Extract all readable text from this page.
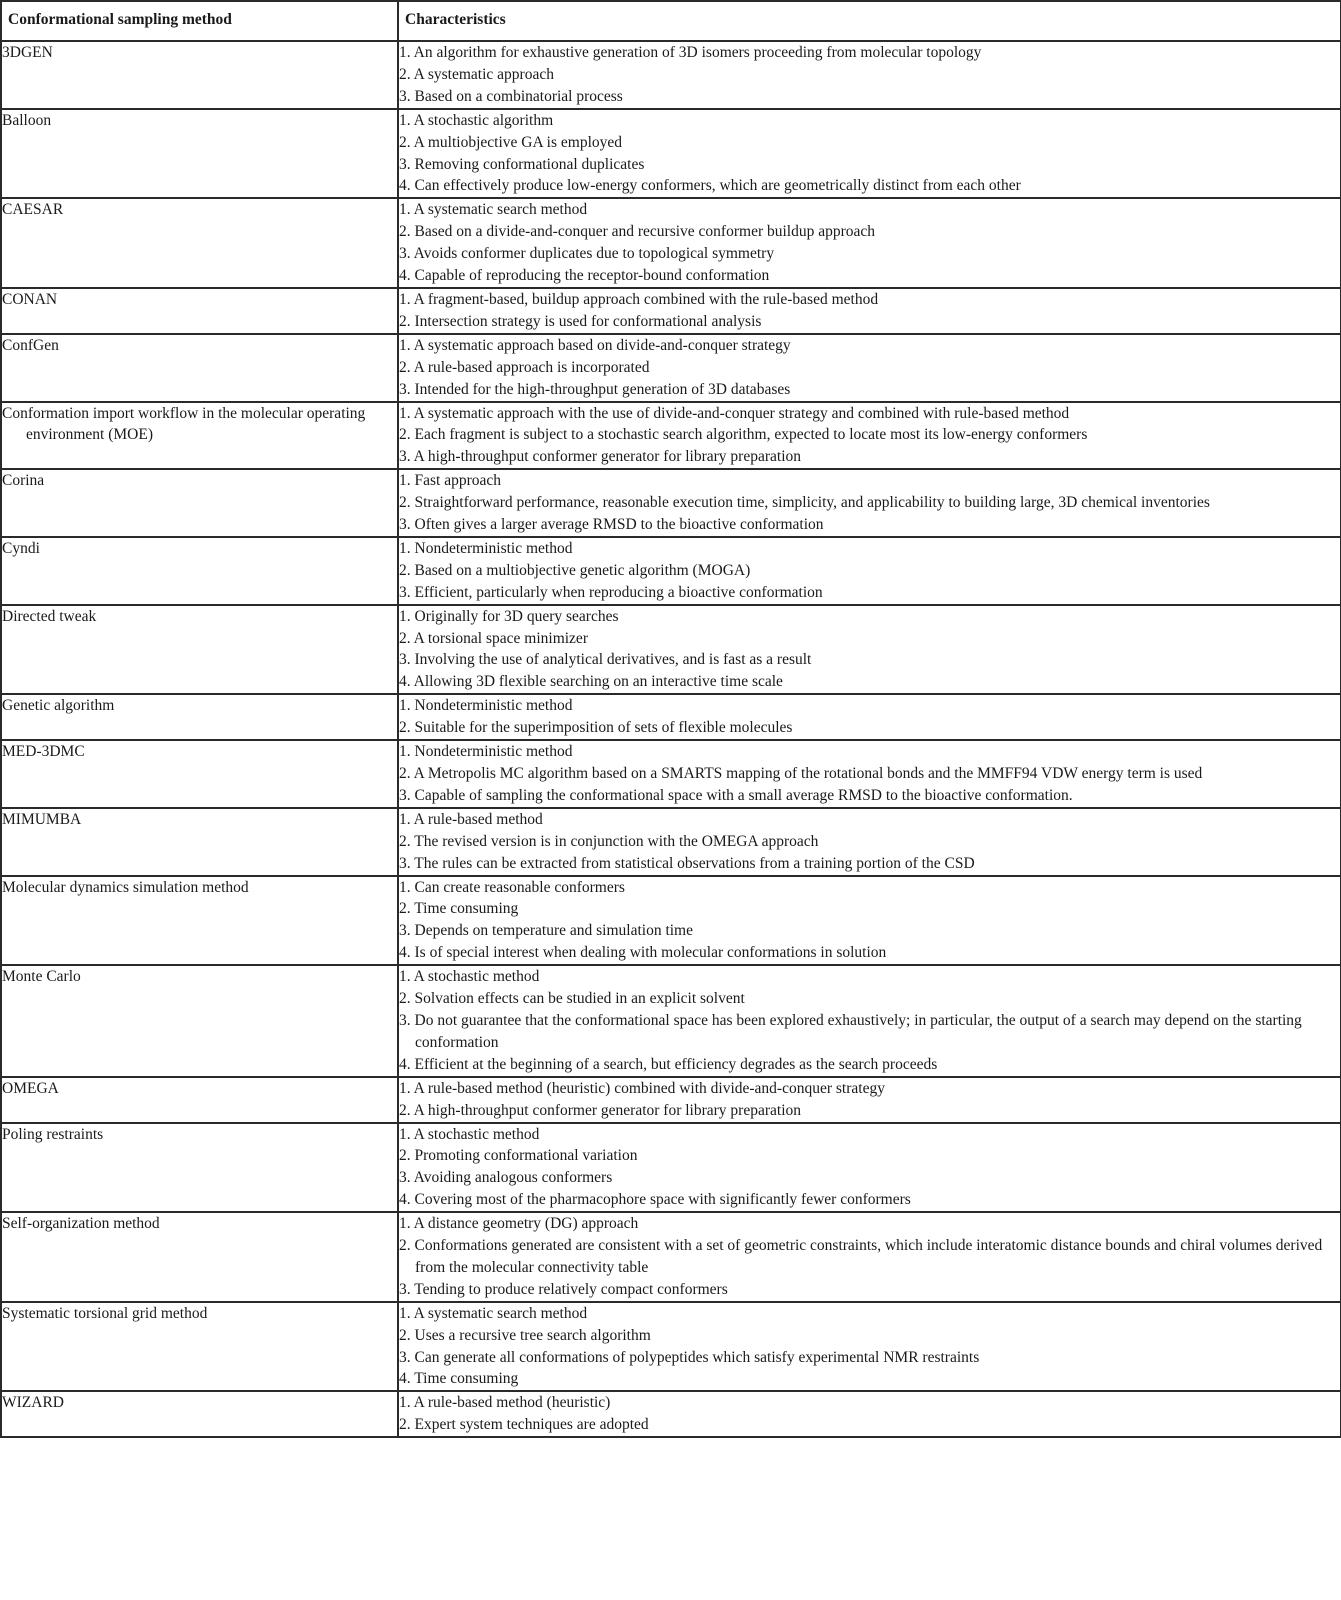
Conformational sampling method	Characteristics

3DGEN	1. An algorithm for exhaustive generation of 3D isomers proceeding from molecular topology
2. A systematic approach
3. Based on a combinatorial process

Balloon	1. A stochastic algorithm
2. A multiobjective GA is employed
3. Removing conformational duplicates
4. Can effectively produce low-energy conformers, which are geometrically distinct from each other

CAESAR	1. A systematic search method
2. Based on a divide-and-conquer and recursive conformer buildup approach
3. Avoids conformer duplicates due to topological symmetry
4. Capable of reproducing the receptor-bound conformation

CONAN	1. A fragment-based, buildup approach combined with the rule-based method
2. Intersection strategy is used for conformational analysis

ConfGen	1. A systematic approach based on divide-and-conquer strategy
2. A rule-based approach is incorporated
3. Intended for the high-throughput generation of 3D databases

Conformation import workflow in the molecular operating environment (MOE)	1. A systematic approach with the use of divide-and-conquer strategy and combined with rule-based method
2. Each fragment is subject to a stochastic search algorithm, expected to locate most its low-energy conformers
3. A high-throughput conformer generator for library preparation

Corina	1. Fast approach
2. Straightforward performance, reasonable execution time, simplicity, and applicability to building large, 3D chemical inventories
3. Often gives a larger average RMSD to the bioactive conformation

Cyndi	1. Nondeterministic method
2. Based on a multiobjective genetic algorithm (MOGA)
3. Efficient, particularly when reproducing a bioactive conformation

Directed tweak	1. Originally for 3D query searches
2. A torsional space minimizer
3. Involving the use of analytical derivatives, and is fast as a result
4. Allowing 3D flexible searching on an interactive time scale

Genetic algorithm	1. Nondeterministic method
2. Suitable for the superimposition of sets of flexible molecules

MED-3DMC	1. Nondeterministic method
2. A Metropolis MC algorithm based on a SMARTS mapping of the rotational bonds and the MMFF94 VDW energy term is used
3. Capable of sampling the conformational space with a small average RMSD to the bioactive conformation.

MIMUMBA	1. A rule-based method
2. The revised version is in conjunction with the OMEGA approach
3. The rules can be extracted from statistical observations from a training portion of the CSD

Molecular dynamics simulation method	1. Can create reasonable conformers
2. Time consuming
3. Depends on temperature and simulation time
4. Is of special interest when dealing with molecular conformations in solution

Monte Carlo	1. A stochastic method
2. Solvation effects can be studied in an explicit solvent
3. Do not guarantee that the conformational space has been explored exhaustively; in particular, the output of a search may depend on the starting conformation
4. Efficient at the beginning of a search, but efficiency degrades as the search proceeds

OMEGA	1. A rule-based method (heuristic) combined with divide-and-conquer strategy
2. A high-throughput conformer generator for library preparation

Poling restraints	1. A stochastic method
2. Promoting conformational variation
3. Avoiding analogous conformers
4. Covering most of the pharmacophore space with significantly fewer conformers

Self-organization method	1. A distance geometry (DG) approach
2. Conformations generated are consistent with a set of geometric constraints, which include interatomic distance bounds and chiral volumes derived from the molecular connectivity table
3. Tending to produce relatively compact conformers

Systematic torsional grid method	1. A systematic search method
2. Uses a recursive tree search algorithm
3. Can generate all conformations of polypeptides which satisfy experimental NMR restraints
4. Time consuming

WIZARD	1. A rule-based method (heuristic)
2. Expert system techniques are adopted
